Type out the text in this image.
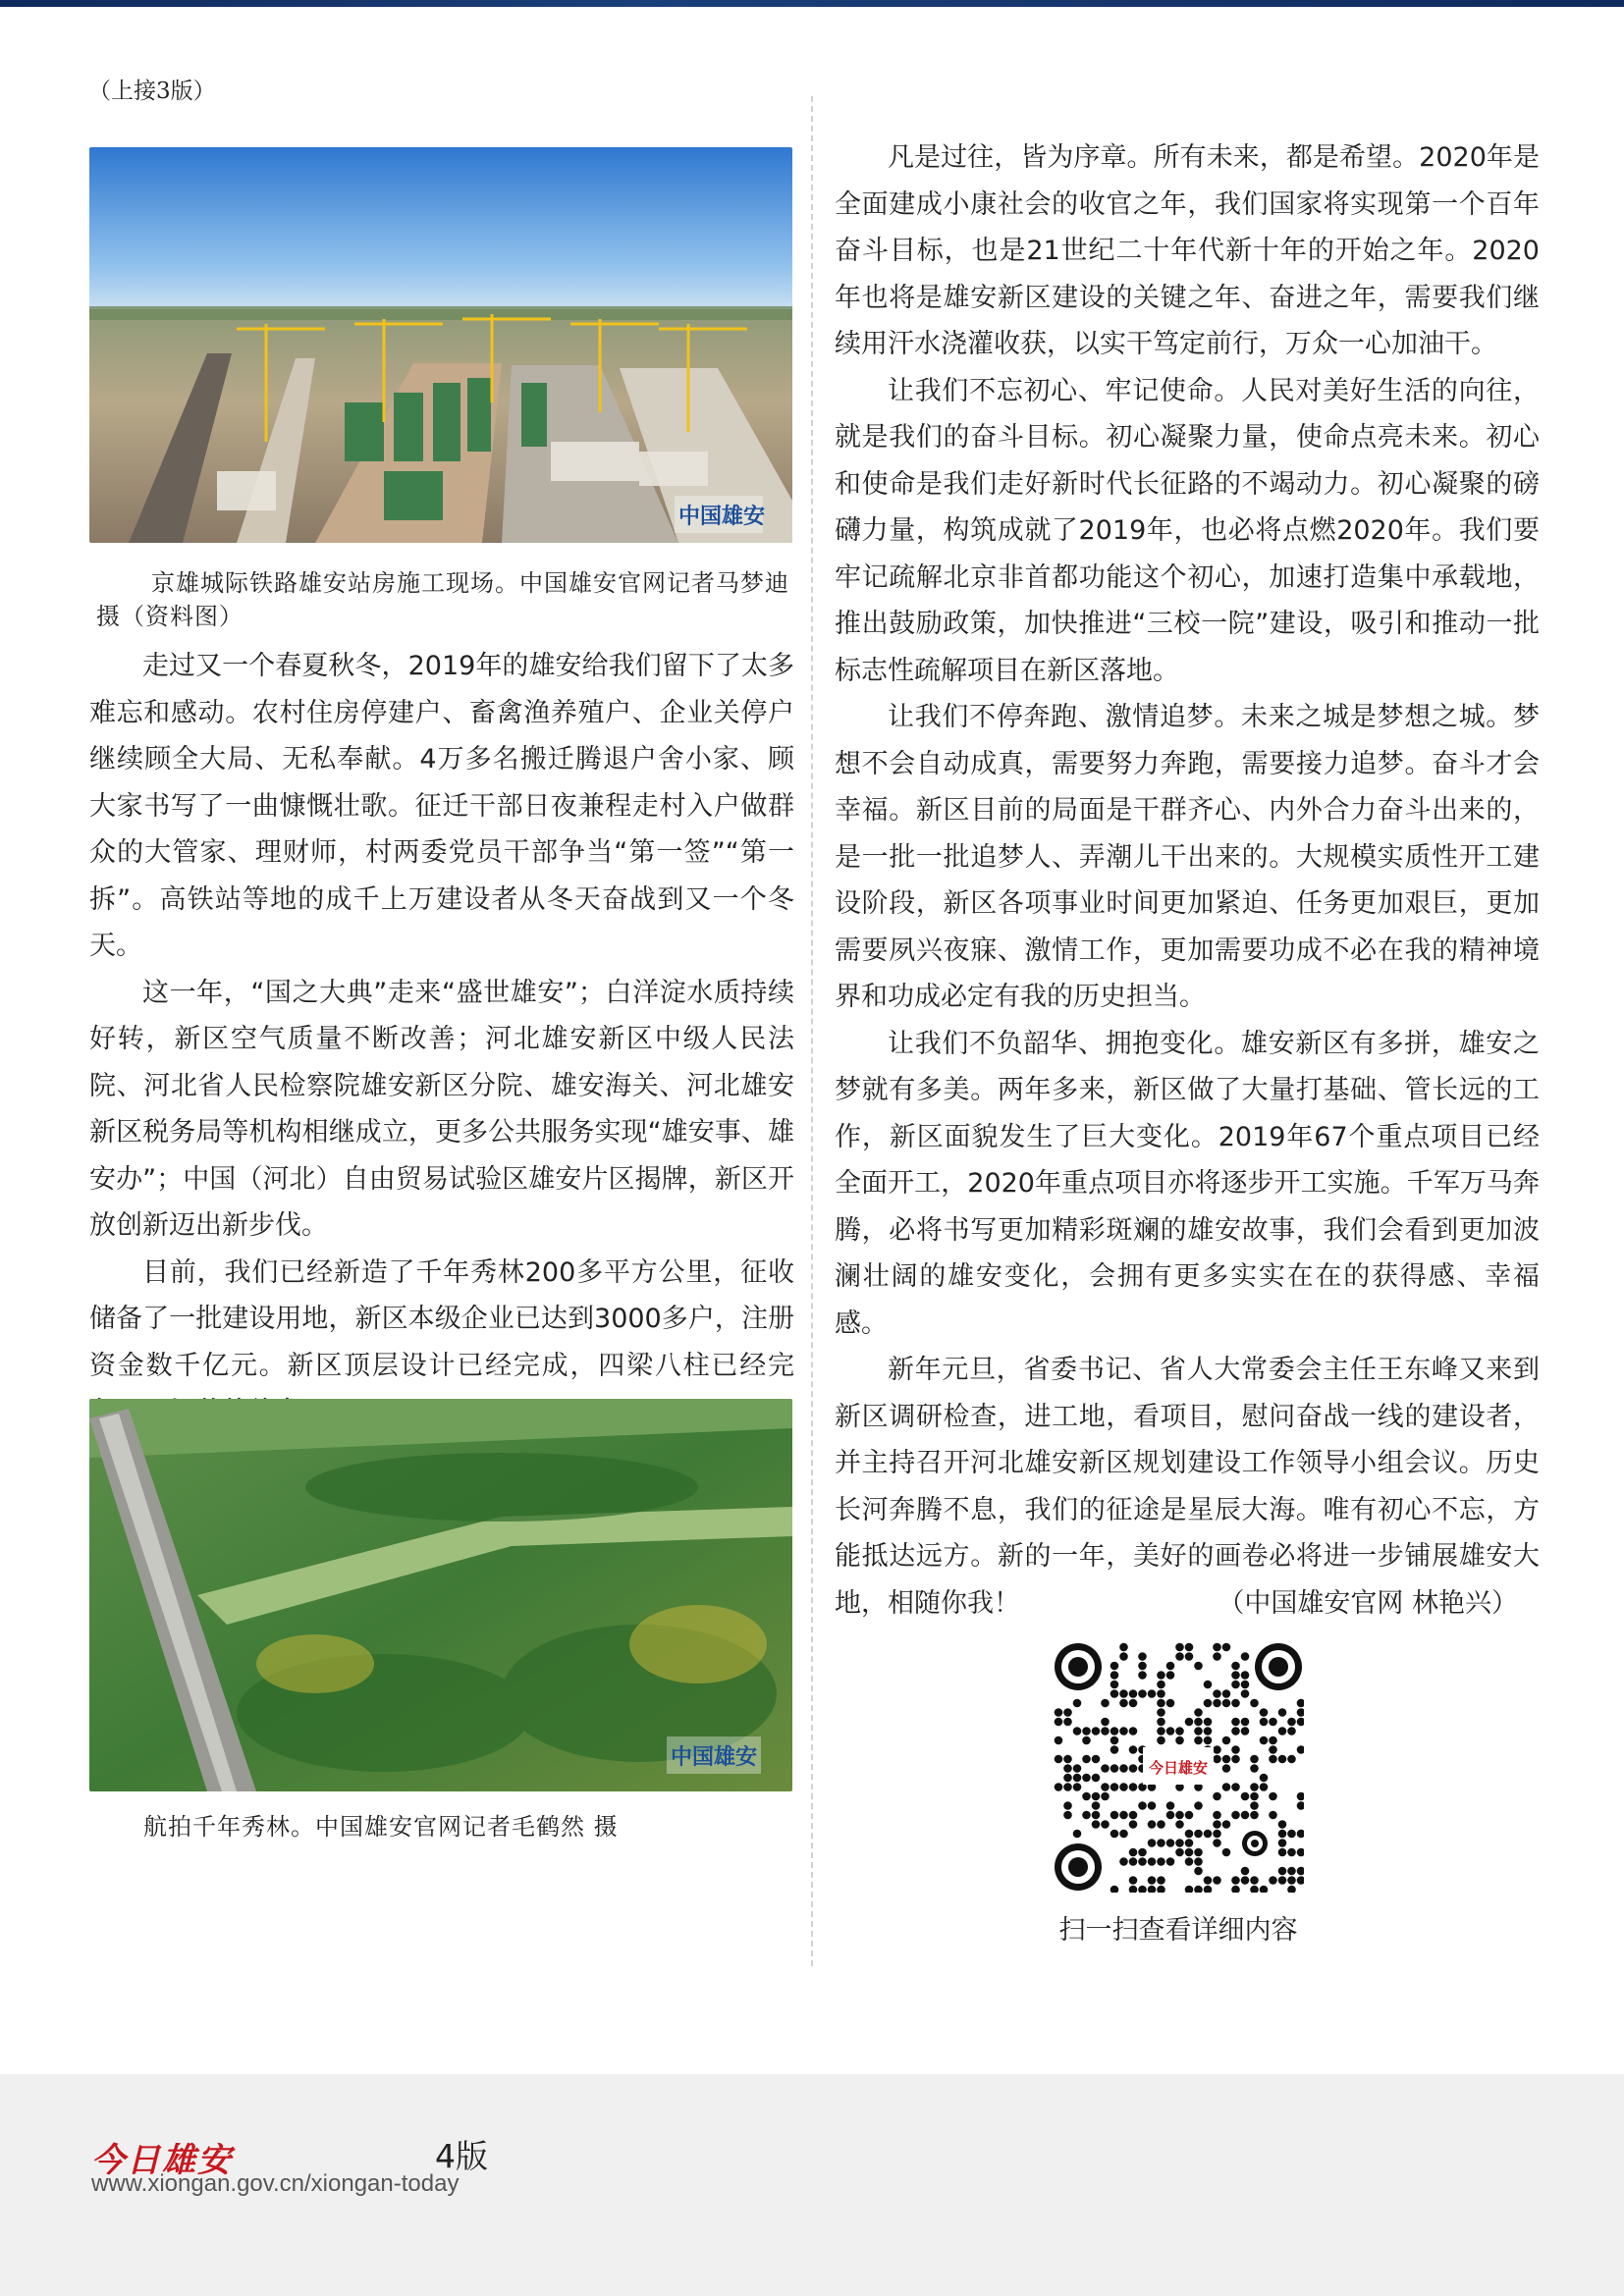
（上接3版）
中国雄安
京雄城际铁路雄安站房施工现场。中国雄安官网记者马梦迪 摄（资料图）

走过又一个春夏秋冬，2019年的雄安给我们留下了太多难忘和感动。农村住房停建户、畜禽渔养殖户、企业关停户继续顾全大局、无私奉献。4万多名搬迁腾退户舍小家、顾大家书写了一曲慷慨壮歌。征迁干部日夜兼程走村入户做群众的大管家、理财师，村两委党员干部争当“第一签”“第一拆”。高铁站等地的成千上万建设者从冬天奋战到又一个冬天。

这一年，“国之大典”走来“盛世雄安”；白洋淀水质持续好转，新区空气质量不断改善；河北雄安新区中级人民法院、河北省人民检察院雄安新区分院、雄安海关、河北雄安新区税务局等机构相继成立，更多公共服务实现“雄安事、雄安办”；中国（河北）自由贸易试验区雄安片区揭牌，新区开放创新迈出新步伐。

目前，我们已经新造了千年秀林200多平方公里，征收储备了一批建设用地，新区本级企业已达到3000多户，注册资金数千亿元。新区顶层设计已经完成，四梁八柱已经完

中国雄安
航拍千年秀林。中国雄安官网记者毛鹤然 摄

凡是过往，皆为序章。所有未来，都是希望。2020年是全面建成小康社会的收官之年，我们国家将实现第一个百年奋斗目标，也是21世纪二十年代新十年的开始之年。2020年也将是雄安新区建设的关键之年、奋进之年，需要我们继续用汗水浇灌收获，以实干笃定前行，万众一心加油干。

让我们不忘初心、牢记使命。人民对美好生活的向往，就是我们的奋斗目标。初心凝聚力量，使命点亮未来。初心和使命是我们走好新时代长征路的不竭动力。初心凝聚的磅礴力量，构筑成就了2019年，也必将点燃2020年。我们要牢记疏解北京非首都功能这个初心，加速打造集中承载地，推出鼓励政策，加快推进“三校一院”建设，吸引和推动一批标志性疏解项目在新区落地。

让我们不停奔跑、激情追梦。未来之城是梦想之城。梦想不会自动成真，需要努力奔跑，需要接力追梦。奋斗才会幸福。新区目前的局面是干群齐心、内外合力奋斗出来的，是一批一批追梦人、弄潮儿干出来的。大规模实质性开工建设阶段，新区各项事业时间更加紧迫、任务更加艰巨，更加需要夙兴夜寐、激情工作，更加需要功成不必在我的精神境界和功成必定有我的历史担当。

让我们不负韶华、拥抱变化。雄安新区有多拼，雄安之梦就有多美。两年多来，新区做了大量打基础、管长远的工作，新区面貌发生了巨大变化。2019年67个重点项目已经全面开工，2020年重点项目亦将逐步开工实施。千军万马奔腾，必将书写更加精彩斑斓的雄安故事，我们会看到更加波澜壮阔的雄安变化，会拥有更多实实在在的获得感、幸福感。

新年元旦，省委书记、省人大常委会主任王东峰又来到新区调研检查，进工地，看项目，慰问奋战一线的建设者，并主持召开河北雄安新区规划建设工作领导小组会议。历史长河奔腾不息，我们的征途是星辰大海。唯有初心不忘，方能抵达远方。新的一年，美好的画卷必将进一步铺展雄安大地，相随你我！	（中国雄安官网 林艳兴）

今日雄安
扫一扫查看详细内容
今日雄安	4版
www.xiongan.gov.cn/xiongan-today
